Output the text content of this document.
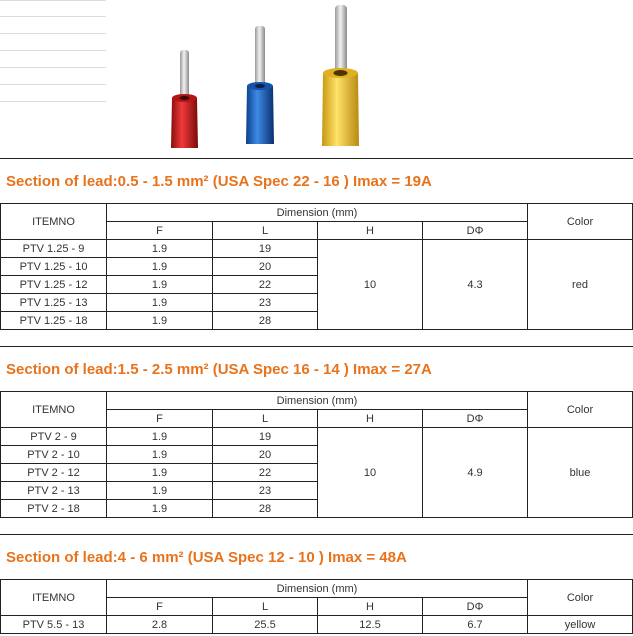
Section of lead:0.5 - 1.5 mm² (USA Spec 22 - 16 ) Imax = 19A
ITEMNO	Dimension (mm)				Color
	F	L	H	DΦ	
PTV 1.25 - 9	1.9	19	10	4.3	red
PTV 1.25 - 10	1.9	20			
PTV 1.25 - 12	1.9	22			
PTV 1.25 - 13	1.9	23			
PTV 1.25 - 18	1.9	28			
Section of lead:1.5 - 2.5 mm² (USA Spec 16 - 14 ) Imax = 27A
ITEMNO	Dimension (mm)				Color
	F	L	H	DΦ	
PTV 2 - 9	1.9	19	10	4.9	blue
PTV 2 - 10	1.9	20			
PTV 2 - 12	1.9	22			
PTV 2 - 13	1.9	23			
PTV 2 - 18	1.9	28			
Section of lead:4 - 6 mm² (USA Spec 12 - 10 ) Imax = 48A
ITEMNO	Dimension (mm)				Color
	F	L	H	DΦ	
PTV 5.5 - 13	2.8	25.5	12.5	6.7	yellow
